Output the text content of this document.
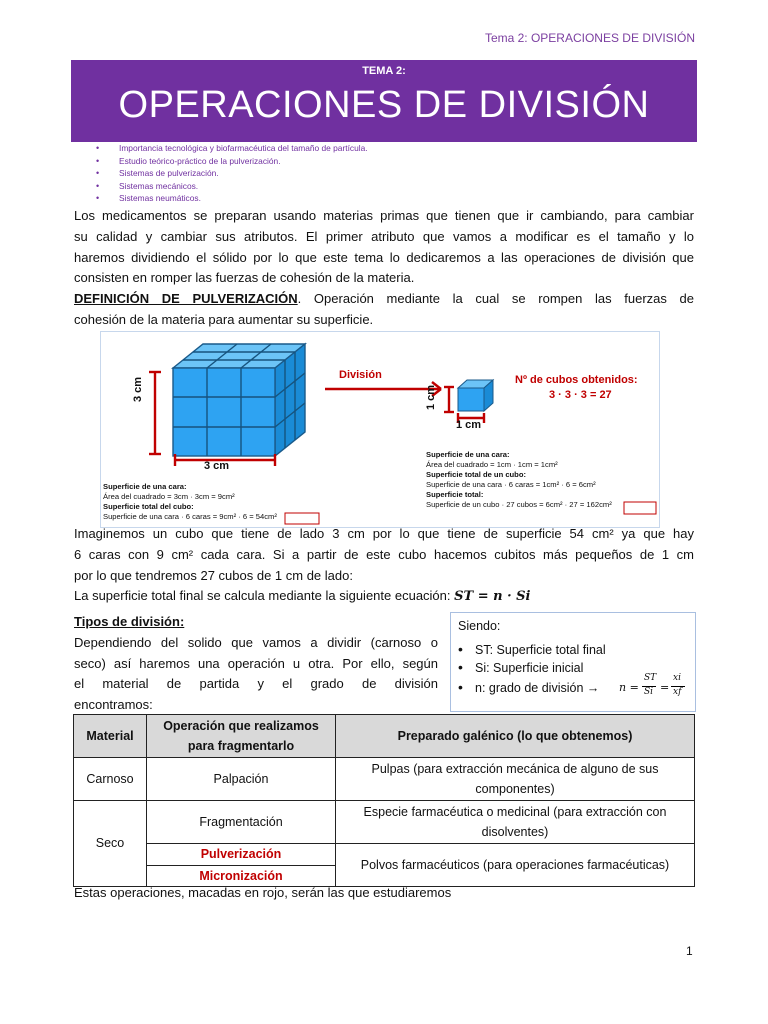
Tema 2: OPERACIONES DE DIVISIÓN
TEMA 2:
OPERACIONES DE DIVISIÓN
• Importancia tecnológica y biofarmacéutica del tamaño de partícula.
• Estudio teórico-práctico de la pulverización.
• Sistemas de pulverización.
• Sistemas mecánicos.
• Sistemas neumáticos.
Los medicamentos se preparan usando materias primas que tienen que ir cambiando, para cambiar
su calidad y cambiar sus atributos. El primer atributo que vamos a modificar es el tamaño y lo
haremos dividiendo el sólido por lo que este tema lo dedicaremos a las operaciones de división que
consisten en romper las fuerzas de cohesión de la materia.
DEFINICIÓN DE PULVERIZACIÓN. Operación mediante la cual se rompen las fuerzas de
cohesión de la materia para aumentar su superficie.
3 cm
3 cm
División
1 cm
1 cm
Nº de cubos obtenidos:
3 · 3 · 3 = 27
Superficie de una cara:
Área del cuadrado = 3cm · 3cm = 9cm²
Superficie total del cubo:
Superficie de una cara · 6 caras = 9cm² · 6 = 54cm²
Superficie de una cara:
Área del cuadrado = 1cm · 1cm = 1cm²
Superficie total de un cubo:
Superficie de una cara · 6 caras = 1cm² · 6 = 6cm²
Superficie total:
Superficie de un cubo · 27 cubos = 6cm² · 27 = 162cm²
Imaginemos un cubo que tiene de lado 3 cm por lo que tiene de superficie 54 cm² ya que hay
6 caras con 9 cm² cada cara. Si a partir de este cubo hacemos cubitos más pequeños de 1 cm
por lo que tendremos 27 cubos de 1 cm de lado:
La superficie total final se calcula mediante la siguiente ecuación: ST = n · Si
Tipos de división:
Dependiendo del solido que vamos a dividir (carnoso o
seco) así haremos una operación u otra. Por ello, según
el material de partida y el grado de división
encontramos:
Siendo:
• ST: Superficie total final
• Si: Superficie inicial
• n: grado de división → n =
ST
Si =
xi
xf
Material	Operación que realizamos para fragmentarlo	Preparado galénico (lo que obtenemos)
Carnoso	Palpación	Pulpas (para extracción mecánica de alguno de sus componentes)
Seco	Fragmentación	Especie farmacéutica o medicinal (para extracción con disolventes)
	Pulverización	Polvos farmacéuticos (para operaciones farmacéuticas)
	Micronización	
Estas operaciones, macadas en rojo, serán las que estudiaremos
1
